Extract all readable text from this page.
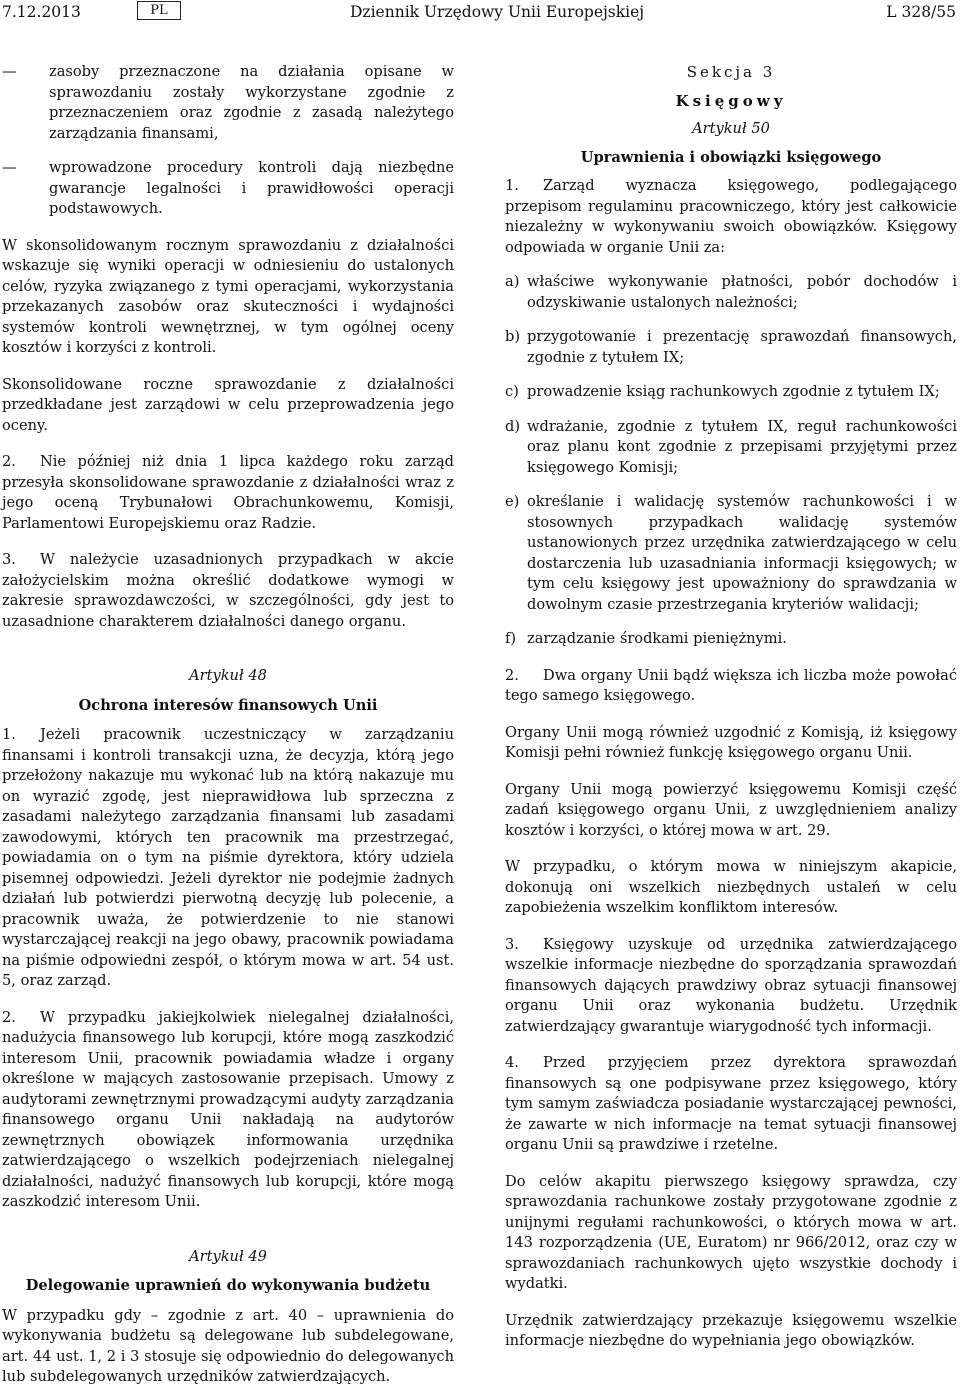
7.12.2013	PL	Dziennik Urzędowy Unii Europejskiej	L 328/55
—	zasoby przeznaczone na działania opisane w sprawozdaniu zostały wykorzystane zgodnie z przeznaczeniem oraz zgodnie z zasadą należytego zarządzania finansami,
—	wprowadzone procedury kontroli dają niezbędne gwarancje legalności i prawidłowości operacji podstawowych.

W skonsolidowanym rocznym sprawozdaniu z działalności wskazuje się wyniki operacji w odniesieniu do ustalonych celów, ryzyka związanego z tymi operacjami, wykorzystania przekazanych zasobów oraz skuteczności i wydajności systemów kontroli wewnętrznej, w tym ogólnej oceny kosztów i korzyści z kontroli.

Skonsolidowane roczne sprawozdanie z działalności przedkładane jest zarządowi w celu przeprowadzenia jego oceny.

2. Nie później niż dnia 1 lipca każdego roku zarząd przesyła skonsolidowane sprawozdanie z działalności wraz z jego oceną Trybunałowi Obrachunkowemu, Komisji, Parlamentowi Europejskiemu oraz Radzie.

3. W należycie uzasadnionych przypadkach w akcie założycielskim można określić dodatkowe wymogi w zakresie sprawozdawczości, w szczególności, gdy jest to uzasadnione charakterem działalności danego organu.

Artykuł 48

Ochrona interesów finansowych Unii

1. Jeżeli pracownik uczestniczący w zarządzaniu finansami i kontroli transakcji uzna, że decyzja, którą jego przełożony nakazuje mu wykonać lub na którą nakazuje mu on wyrazić zgodę, jest nieprawidłowa lub sprzeczna z zasadami należytego zarządzania finansami lub zasadami zawodowymi, których ten pracownik ma przestrzegać, powiadamia on o tym na piśmie dyrektora, który udziela pisemnej odpowiedzi. Jeżeli dyrektor nie podejmie żadnych działań lub potwierdzi pierwotną decyzję lub polecenie, a pracownik uważa, że potwierdzenie to nie stanowi wystarczającej reakcji na jego obawy, pracownik powiadama na piśmie odpowiedni zespół, o którym mowa w art. 54 ust. 5, oraz zarząd.

2. W przypadku jakiejkolwiek nielegalnej działalności, nadużycia finansowego lub korupcji, które mogą zaszkodzić interesom Unii, pracownik powiadamia władze i organy określone w mających zastosowanie przepisach. Umowy z audytorami zewnętrznymi prowadzącymi audyty zarządzania finansowego organu Unii nakładają na audytorów zewnętrznych obowiązek informowania urzędnika zatwierdzającego o wszelkich podejrzeniach nielegalnej działalności, nadużyć finansowych lub korupcji, które mogą zaszkodzić interesom Unii.

Artykuł 49

Delegowanie uprawnień do wykonywania budżetu

W przypadku gdy – zgodnie z art. 40 – uprawnienia do wykonywania budżetu są delegowane lub subdelegowane, art. 44 ust. 1, 2 i 3 stosuje się odpowiednio do delegowanych lub subdelegowanych urzędników zatwierdzających.

Sekcja 3

Księgowy

Artykuł 50

Uprawnienia i obowiązki księgowego

1. Zarząd wyznacza księgowego, podlegającego przepisom regulaminu pracowniczego, który jest całkowicie niezależny w wykonywaniu swoich obowiązków. Księgowy odpowiada w organie Unii za:

a) właściwe wykonywanie płatności, pobór dochodów i odzyskiwanie ustalonych należności;
b) przygotowanie i prezentację sprawozdań finansowych, zgodnie z tytułem IX;
c) prowadzenie ksiąg rachunkowych zgodnie z tytułem IX;
d) wdrażanie, zgodnie z tytułem IX, reguł rachunkowości oraz planu kont zgodnie z przepisami przyjętymi przez księgowego Komisji;
e) określanie i walidację systemów rachunkowości i w stosownych przypadkach walidację systemów ustanowionych przez urzędnika zatwierdzającego w celu dostarczenia lub uzasadniania informacji księgowych; w tym celu księgowy jest upoważniony do sprawdzania w dowolnym czasie przestrzegania kryteriów walidacji;
f) zarządzanie środkami pieniężnymi.

2. Dwa organy Unii bądź większa ich liczba może powołać tego samego księgowego.

Organy Unii mogą również uzgodnić z Komisją, iż księgowy Komisji pełni również funkcję księgowego organu Unii.

Organy Unii mogą powierzyć księgowemu Komisji część zadań księgowego organu Unii, z uwzględnieniem analizy kosztów i korzyści, o której mowa w art. 29.

W przypadku, o którym mowa w niniejszym akapicie, dokonują oni wszelkich niezbędnych ustaleń w celu zapobieżenia wszelkim konfliktom interesów.

3. Księgowy uzyskuje od urzędnika zatwierdzającego wszelkie informacje niezbędne do sporządzania sprawozdań finansowych dających prawdziwy obraz sytuacji finansowej organu Unii oraz wykonania budżetu. Urzędnik zatwierdzający gwarantuje wiarygodność tych informacji.

4. Przed przyjęciem przez dyrektora sprawozdań finansowych są one podpisywane przez księgowego, który tym samym zaświadcza posiadanie wystarczającej pewności, że zawarte w nich informacje na temat sytuacji finansowej organu Unii są prawdziwe i rzetelne.

Do celów akapitu pierwszego księgowy sprawdza, czy sprawozdania rachunkowe zostały przygotowane zgodnie z unijnymi regułami rachunkowości, o których mowa w art. 143 rozporządzenia (UE, Euratom) nr 966/2012, oraz czy w sprawozdaniach rachunkowych ujęto wszystkie dochody i wydatki.

Urzędnik zatwierdzający przekazuje księgowemu wszelkie informacje niezbędne do wypełniania jego obowiązków.
